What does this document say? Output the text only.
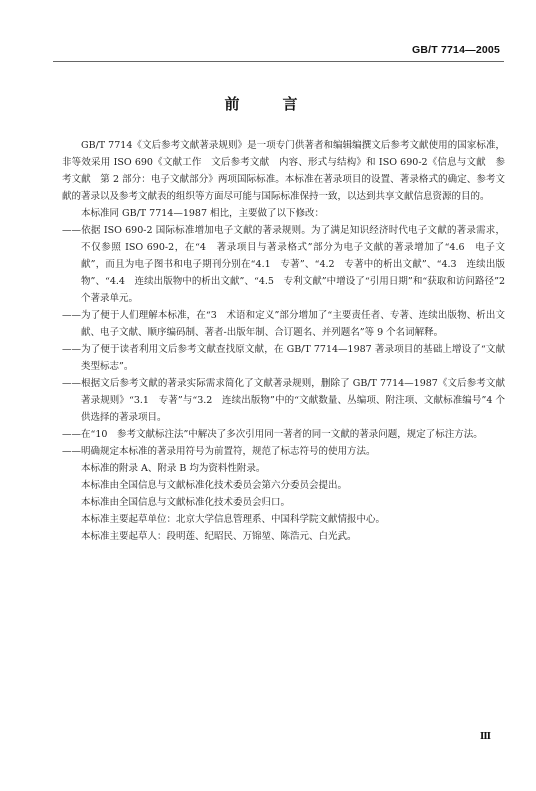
GB/T 7714—2005
前　言

GB/T 7714《文后参考文献著录规则》是一项专门供著者和编辑编撰文后参考文献使用的国家标准，非等效采用 ISO 690《文献工作　文后参考文献　内容、形式与结构》和 ISO 690-2《信息与文献　参考文献　第 2 部分：电子文献部分》两项国际标准。本标准在著录项目的设置、著录格式的确定、参考文献的著录以及参考文献表的组织等方面尽可能与国际标准保持一致，以达到共享文献信息资源的目的。

本标准同 GB/T 7714—1987 相比，主要做了以下修改：

——依据 ISO 690-2 国际标准增加电子文献的著录规则。为了满足知识经济时代电子文献的著录需求，不仅参照 ISO 690-2，在“4　著录项目与著录格式”部分为电子文献的著录增加了“4.6　电子文献”，而且为电子图书和电子期刊分别在“4.1　专著”、“4.2　专著中的析出文献”、“4.3　连续出版物”、“4.4　连续出版物中的析出文献”、“4.5　专利文献”中增设了“引用日期”和“获取和访问路径”2 个著录单元。

——为了便于人们理解本标准，在“3　术语和定义”部分增加了“主要责任者、专著、连续出版物、析出文献、电子文献、顺序编码制、著者-出版年制、合订题名、并列题名”等 9 个名词解释。

——为了便于读者利用文后参考文献查找原文献，在 GB/T 7714—1987 著录项目的基础上增设了“文献类型标志”。

——根据文后参考文献的著录实际需求简化了文献著录规则，删除了 GB/T 7714—1987《文后参考文献著录规则》“3.1　专著”与“3.2　连续出版物”中的“文献数量、丛编项、附注项、文献标准编号”4 个供选择的著录项目。

——在“10　参考文献标注法”中解决了多次引用同一著者的同一文献的著录问题，规定了标注方法。

——明确规定本标准的著录用符号为前置符，规范了标志符号的使用方法。

本标准的附录 A、附录 B 均为资料性附录。

本标准由全国信息与文献标准化技术委员会第六分委员会提出。

本标准由全国信息与文献标准化技术委员会归口。

本标准主要起草单位：北京大学信息管理系、中国科学院文献情报中心。

本标准主要起草人：段明莲、纪昭民、万锦堃、陈浩元、白光武。

Ⅲ
